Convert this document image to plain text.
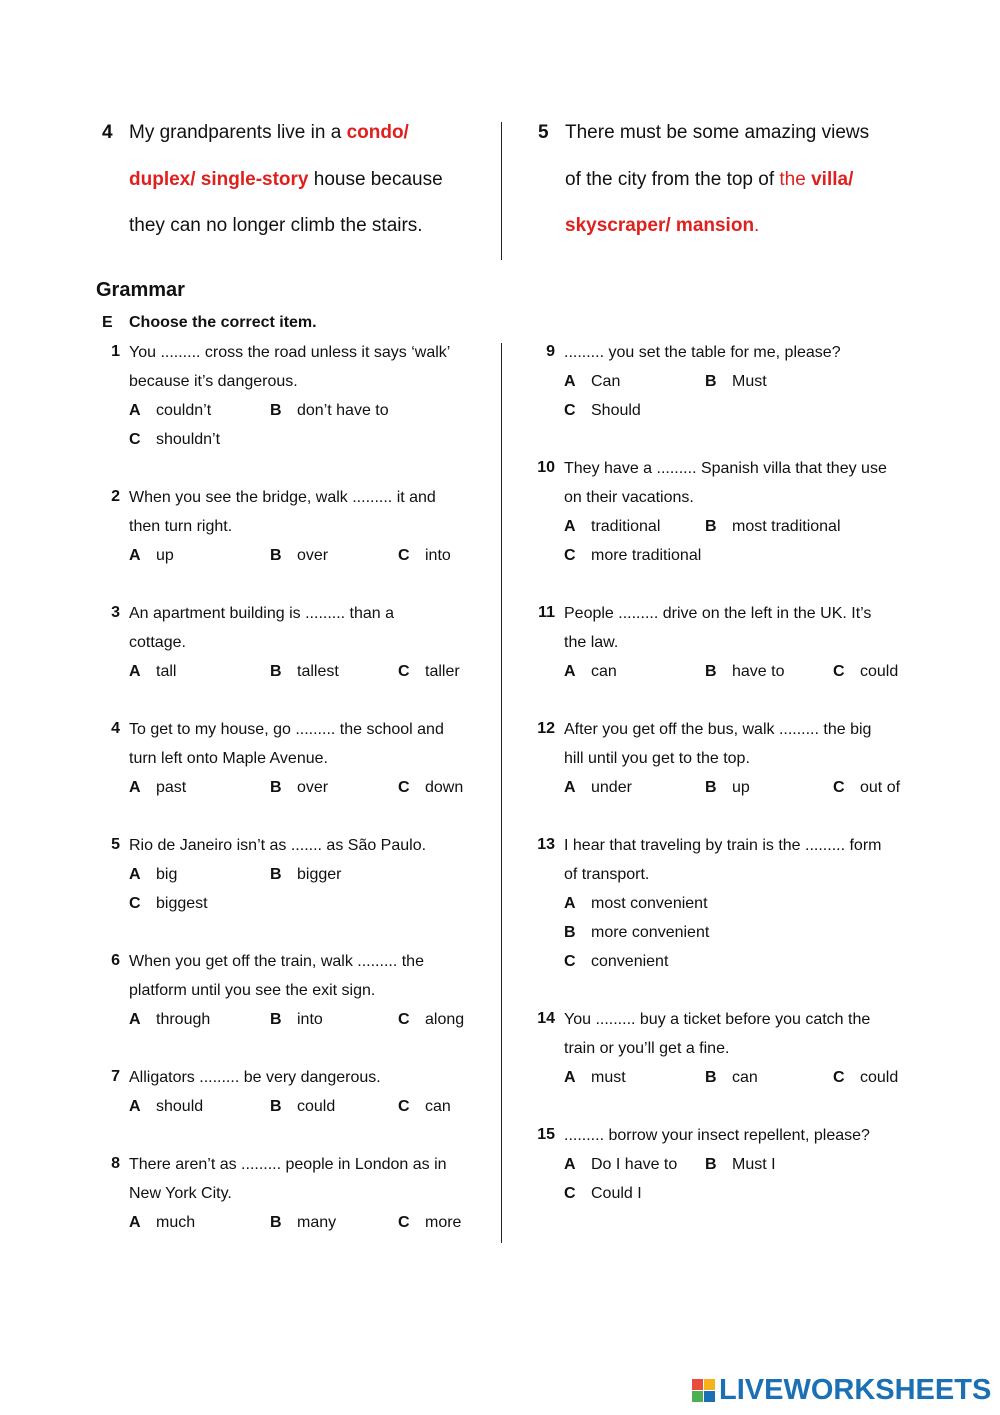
4 My grandparents live in a condo/
duplex/ single-story house because
they can no longer climb the stairs.
5 There must be some amazing views
of the city from the top of the villa/
skyscraper/ mansion.
Grammar
E Choose the correct item.
1 You ......... cross the road unless it says ‘walk’
because it’s dangerous.
A couldn’t	B don’t have to
C shouldn’t
2 When you see the bridge, walk ......... it and
then turn right.
A up	B over	C into
3 An apartment building is ......... than a
cottage.
A tall	B tallest	C taller
4 To get to my house, go ......... the school and
turn left onto Maple Avenue.
A past	B over	C down
5 Rio de Janeiro isn’t as ....... as São Paulo.
A big	B bigger
C biggest
6 When you get off the train, walk ......... the
platform until you see the exit sign.
A through	B into	C along
7 Alligators ......... be very dangerous.
A should	B could	C can
8 There aren’t as ......... people in London as in
New York City.
A much	B many	C more
9 ......... you set the table for me, please?
A Can	B Must
C Should
10 They have a ......... Spanish villa that they use
on their vacations.
A traditional	B most traditional
C more traditional
11 People ......... drive on the left in the UK. It’s
the law.
A can	B have to	C could
12 After you get off the bus, walk ......... the big
hill until you get to the top.
A under	B up	C out of
13 I hear that traveling by train is the ......... form
of transport.
A most convenient
B more convenient
C convenient
14 You ......... buy a ticket before you catch the
train or you’ll get a fine.
A must	B can	C could
15 ......... borrow your insect repellent, please?
A Do I have to B Must I
C Could I
LIVEWORKSHEETS
